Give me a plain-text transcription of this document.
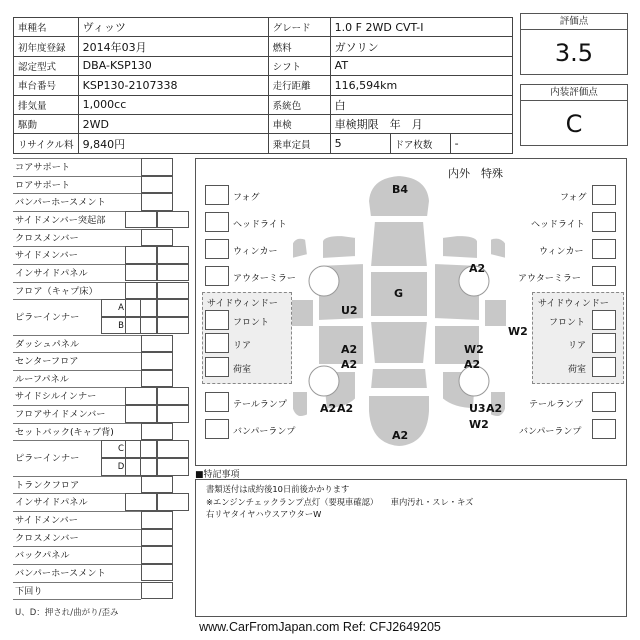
車種名	ヴィッツ	グレード	1.0 F 2WD CVT-I		
初年度登録	2014年03月	燃料	ガソリン		
認定型式	DBA-KSP130	シフト	AT		
車台番号	KSP130-2107338	走行距離	116,594km		
排気量	1,000cc	系統色	白		
駆動	2WD	車検	車検期限　年　月		
リサイクル料	9,840円	乗車定員	5	ドア枚数	-
評価点
3.5
内装評価点
C
コアサポート
ロアサポート
バンパーホースメント
サイドメンバー突起部
クロスメンバー
サイドメンバー
インサイドパネル
フロア（キャプ床）
ピラーインナー
A
B
ダッシュパネル
センターフロア
ルーフパネル
サイドシルインナー
フロアサイドメンバー
セットバック(キャブ背)
ピラーインナー
C
D
トランクフロア
インサイドパネル
サイドメンバー
クロスメンバー
バックパネル
バンパーホースメント
下回り
U、D：押され/曲がり/歪み
内外　特殊
B4
G
U2
A2
A2
A2 A2
A2
W2
W2
A2
U3 A2
W2
A2
フォグ
ヘッドライト
ウィンカー
アウターミラー
フォグ
ヘッドライト
ウィンカー
アウターミラー
サイドウィンドー
フロント
リア
荷室
サイドウィンドー
フロント
リア
荷室
テールランプ
バンパーランプ
テールランプ
バンパーランプ
■特記事項
書類送付は成約後10日前後かかります
※エンジンチェックランプ点灯（要現車確認）　　車内汚れ・スレ・キズ
右リヤタイヤハウスアウターW
www.CarFromJapan.com Ref: CFJ2649205
